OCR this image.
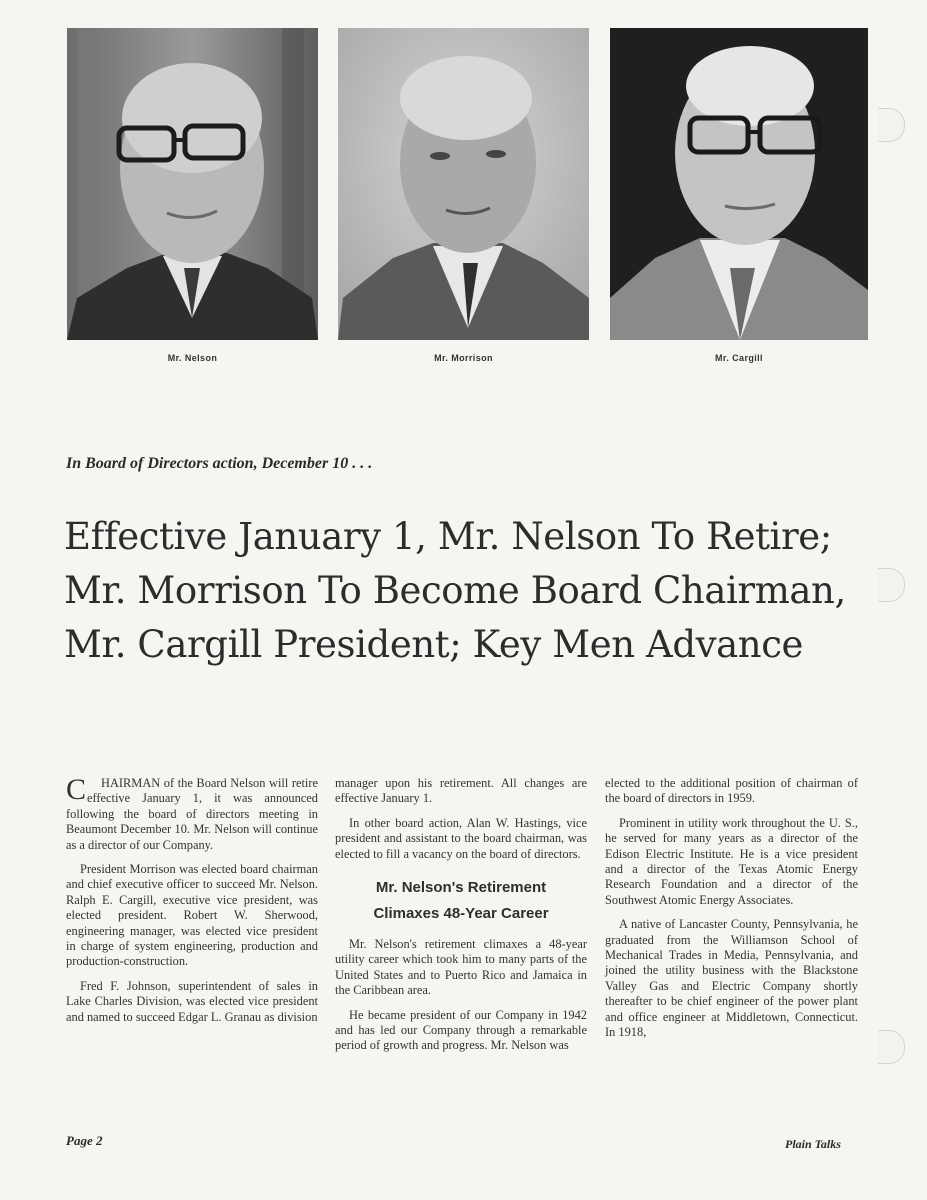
Mr. Nelson	Mr. Morrison	Mr. Cargill
In Board of Directors action, December 10 . . .
Effective January 1, Mr. Nelson To Retire;
Mr. Morrison To Become Board Chairman,
Mr. Cargill President; Key Men Advance

C HAIRMAN of the Board Nelson will retire effective January 1, it was announced following the board of directors meeting in Beaumont December 10. Mr. Nelson will continue as a director of our Company.

President Morrison was elected board chairman and chief executive officer to succeed Mr. Nelson. Ralph E. Cargill, executive vice president, was elected president. Robert W. Sherwood, engineering manager, was elected vice president in charge of system engineering, production and production-construction.

Fred F. Johnson, superintendent of sales in Lake Charles Division, was elected vice president and named to succeed Edgar L. Granau as division

manager upon his retirement. All changes are effective January 1.

In other board action, Alan W. Hastings, vice president and assistant to the board chairman, was elected to fill a vacancy on the board of directors.

Mr. Nelson's Retirement
Climaxes 48-Year Career

Mr. Nelson's retirement climaxes a 48-year utility career which took him to many parts of the United States and to Puerto Rico and Jamaica in the Caribbean area.

He became president of our Company in 1942 and has led our Company through a remarkable period of growth and progress. Mr. Nelson was

elected to the additional position of chairman of the board of directors in 1959.

Prominent in utility work throughout the U. S., he served for many years as a director of the Edison Electric Institute. He is a vice president and a director of the Texas Atomic Energy Research Foundation and a director of the Southwest Atomic Energy Associates.

A native of Lancaster County, Pennsylvania, he graduated from the Williamson School of Mechanical Trades in Media, Pennsylvania, and joined the utility business with the Blackstone Valley Gas and Electric Company shortly thereafter to be chief engineer of the power plant and office engineer at Middletown, Connecticut. In 1918,

Page 2	Plain Talks
